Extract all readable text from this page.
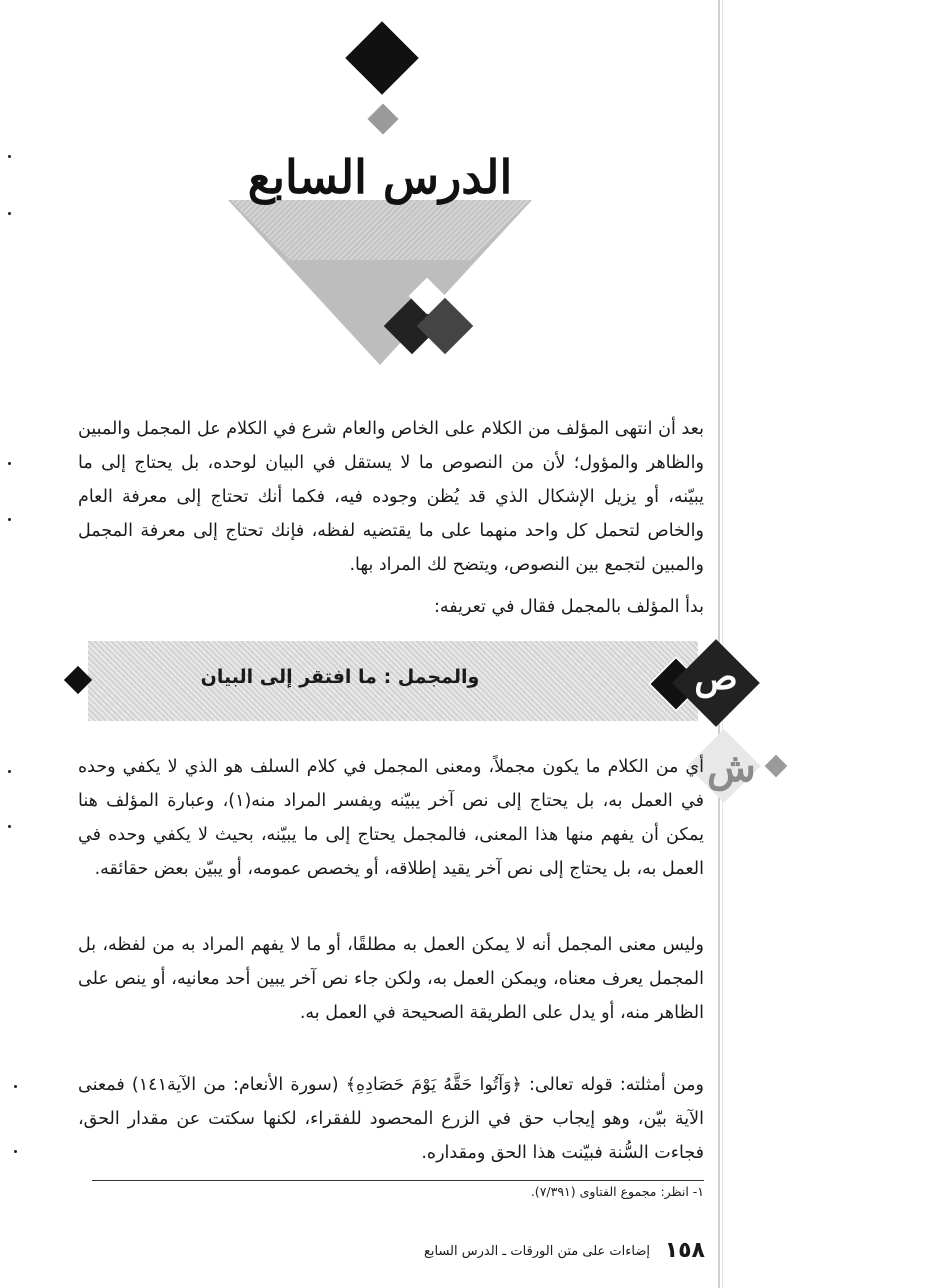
الدرس السابع
بعد أن انتهى المؤلف من الكلام على الخاص والعام شرع في الكلام عل المجمل والمبين والظاهر والمؤول؛ لأن من النصوص ما لا يستقل في البيان لوحده، بل يحتاج إلى ما يبيّنه، أو يزيل الإشكال الذي قد يُظن وجوده فيه، فكما أنك تحتاج إلى معرفة العام والخاص لتحمل كل واحد منهما على ما يقتضيه لفظه، فإنك تحتاج إلى معرفة المجمل والمبين لتجمع بين النصوص، ويتضح لك المراد بها.
بدأ المؤلف بالمجمل فقال في تعريفه:
والمجمل : ما افتقر إلى البيان	ص
ش
أي من الكلام ما يكون مجملاً، ومعنى المجمل في كلام السلف هو الذي لا يكفي وحده في العمل به، بل يحتاج إلى نص آخر يبيّنه ويفسر المراد منه(١)، وعبارة المؤلف هنا يمكن أن يفهم منها هذا المعنى، فالمجمل يحتاج إلى ما يبيّنه، بحيث لا يكفي وحده في العمل به، بل يحتاج إلى نص آخر يقيد إطلاقه، أو يخصص عمومه، أو يبيّن بعض حقائقه.
وليس معنى المجمل أنه لا يمكن العمل به مطلقًا، أو ما لا يفهم المراد به من لفظه، بل المجمل يعرف معناه، ويمكن العمل به، ولكن جاء نص آخر يبين أحد معانيه، أو ينص على الظاهر منه، أو يدل على الطريقة الصحيحة في العمل به.
ومن أمثلته: قوله تعالى: ﴿وَآتُوا حَقَّهُ يَوْمَ حَصَادِهِ﴾ (سورة الأنعام: من الآية١٤١) فمعنى الآية بيّن، وهو إيجاب حق في الزرع المحصود للفقراء، لكنها سكتت عن مقدار الحق، فجاءت السُّنة فبيّنت هذا الحق ومقداره.
١- انظر: مجموع الفتاوى (٧/٣٩١).
إضاءات على متن الورقات ـ الدرس السابع ١٥٨
